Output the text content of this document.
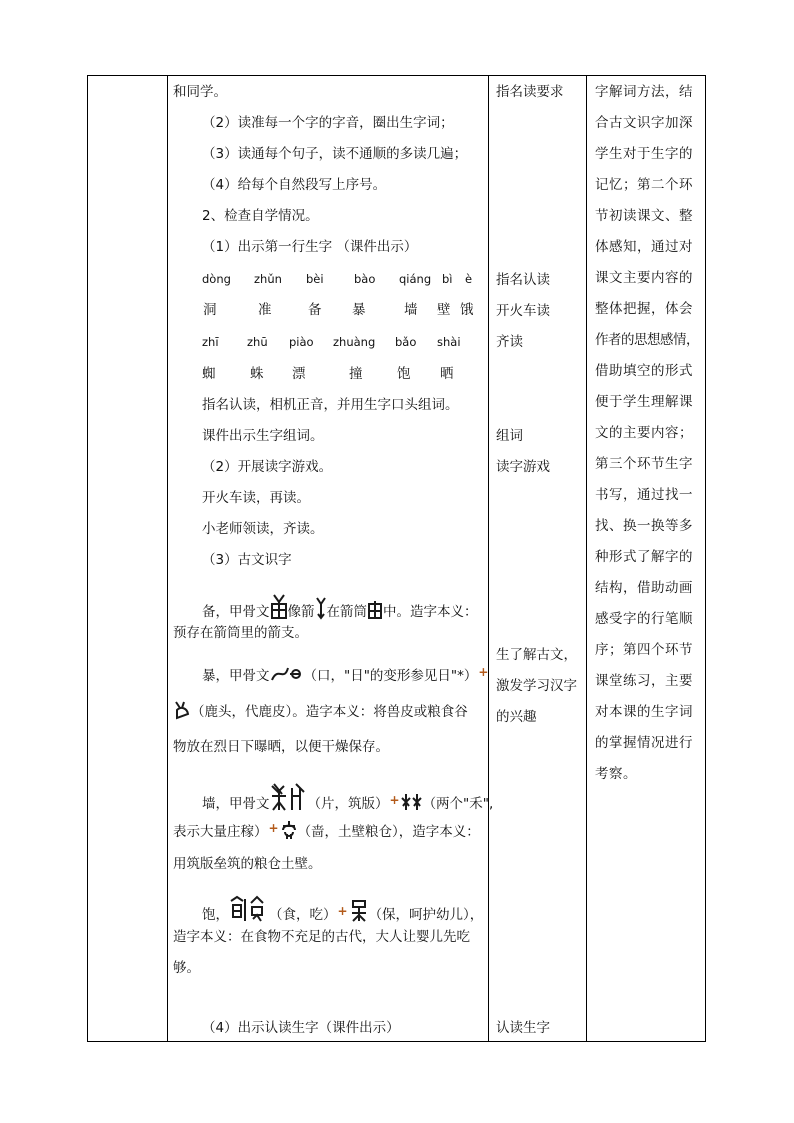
和同学。
（2）读准每一个字的字音，圈出生字词；
（3）读通每个句子，读不通顺的多读几遍；
（4）给每个自然段写上序号。
2、检查自学情况。
（1）出示第一行生字 （课件出示）
dòng zhǔn bèi	bào qiáng bì è
洞	准	备 暴	墙 壁 饿
zhī zhū piào zhuàng bǎo shài
蜘	蛛 漂	撞	饱 晒
指名认读，相机正音，并用生字口头组词。
课件出示生字组词。
（2）开展读字游戏。
开火车读，再读。
小老师领读，齐读。
（3）古文识字
备，甲骨文 像箭 在箭筒 中。造字本义：
预存在箭筒里的箭支。
暴，甲骨文	（口，"日"的变形参见日"*）+
（鹿头，代鹿皮）。造字本义：将兽皮或粮食谷
物放在烈日下曝晒，以便干燥保存。
墙，甲骨文	（片，筑版）+ （两个"禾",
表示大量庄稼）+ （啬，土壁粮仓），造字本义：
用筑版垒筑的粮仓土壁。
饱，	（食，吃）+ （保，呵护幼儿），
造字本义：在食物不充足的古代，大人让婴儿先吃
够。
（4）出示认读生字（课件出示）
指名读要求
指名认读
开火车读
齐读
组词
读字游戏
生了解古文，
激发学习汉字
的兴趣
认读生字
字解词方法，结
合古文识字加深
学生对于生字的
记忆；第二个环
节初读课文、整
体感知，通过对
课文主要内容的
整体把握，体会
作者的思想感情，
借助填空的形式
便于学生理解课
文的主要内容；
第三个环节生字
书写，通过找一
找、换一换等多
种形式了解字的
结构，借助动画
感受字的行笔顺
序；第四个环节
课堂练习，主要
对本课的生字词
的掌握情况进行
考察。
